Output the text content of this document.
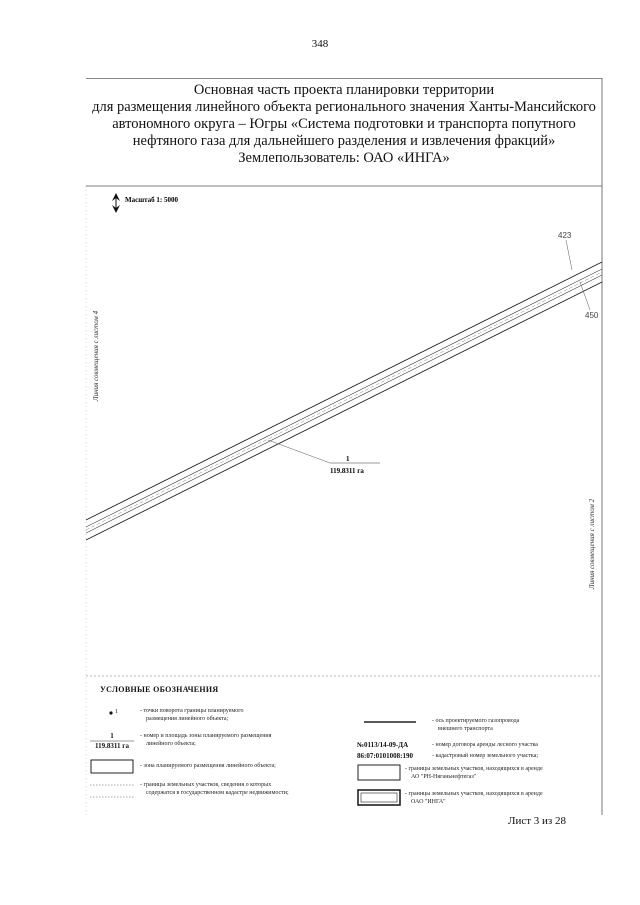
348
Основная часть проекта планировки территории
для размещения линейного объекта регионального значения Ханты-Мансийского
автономного округа – Югры «Система подготовки и транспорта попутного
нефтяного газа для дальнейшего разделения и извлечения фракций»
Землепользователь: ОАО «ИНГА»
Масштаб 1: 5000
423
450
1
119.8311 га
Линия совмещения с листом 4
Линия совмещения с листом 2
УСЛОВНЫЕ ОБОЗНАЧЕНИЯ
1	- точки поворота границы планируемого
размещения линейного объекта;
1
119.8311 га
- номер и площадь зоны планируемого размещения
линейного объекта;
- зона планируемого размещения линейного объекта;
- границы земельных участков, сведения о которых
содержатся в государственном кадастре недвижимости;
- ось проектируемого газопровода
внешнего транспорта
№0113/14-09-ДА	- номер договора аренды лесного участка
86:07:0101008:190	- кадастровый номер земельного участка;
- границы земельных участков, находящихся в аренде
АО "РН-Няганьнефтегаз"
- границы земельных участков, находящихся в аренде
ОАО "ИНГА"
Лист 3 из 28
